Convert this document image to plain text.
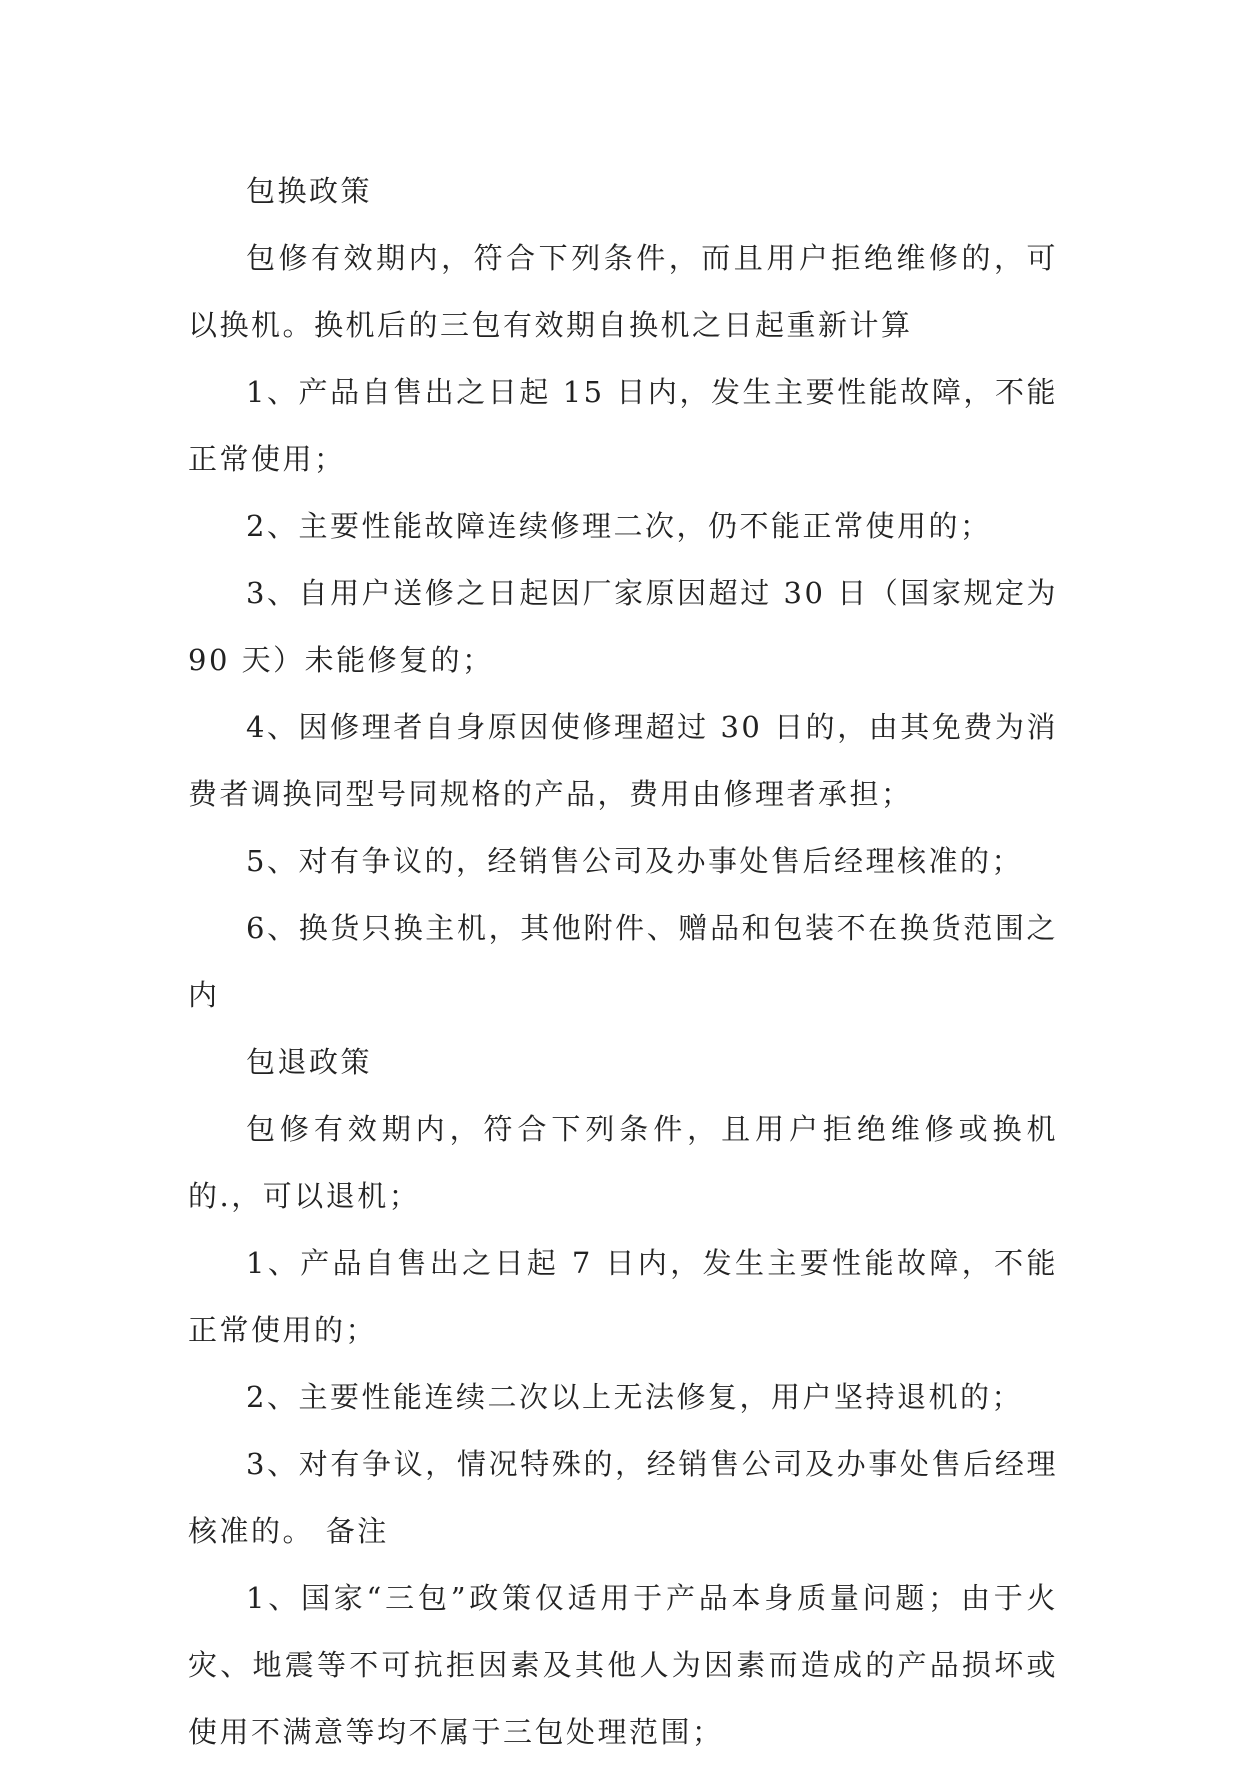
包换政策

包修有效期内，符合下列条件，而且用户拒绝维修的，可以换机。换机后的三包有效期自换机之日起重新计算

1、产品自售出之日起 15 日内，发生主要性能故障，不能正常使用；

2、主要性能故障连续修理二次，仍不能正常使用的；

3、自用户送修之日起因厂家原因超过 30 日（国家规定为 90 天）未能修复的；

4、因修理者自身原因使修理超过 30 日的，由其免费为消费者调换同型号同规格的产品，费用由修理者承担；

5、对有争议的，经销售公司及办事处售后经理核准的；

6、换货只换主机，其他附件、赠品和包装不在换货范围之内

包退政策

包修有效期内，符合下列条件，且用户拒绝维修或换机的.，可以退机；

1、产品自售出之日起 7 日内，发生主要性能故障，不能正常使用的；

2、主要性能连续二次以上无法修复，用户坚持退机的；

3、对有争议，情况特殊的，经销售公司及办事处售后经理核准的。 备注

1、国家“三包”政策仅适用于产品本身质量问题；由于火灾、地震等不可抗拒因素及其他人为因素而造成的产品损坏或使用不满意等均不属于三包处理范围；
